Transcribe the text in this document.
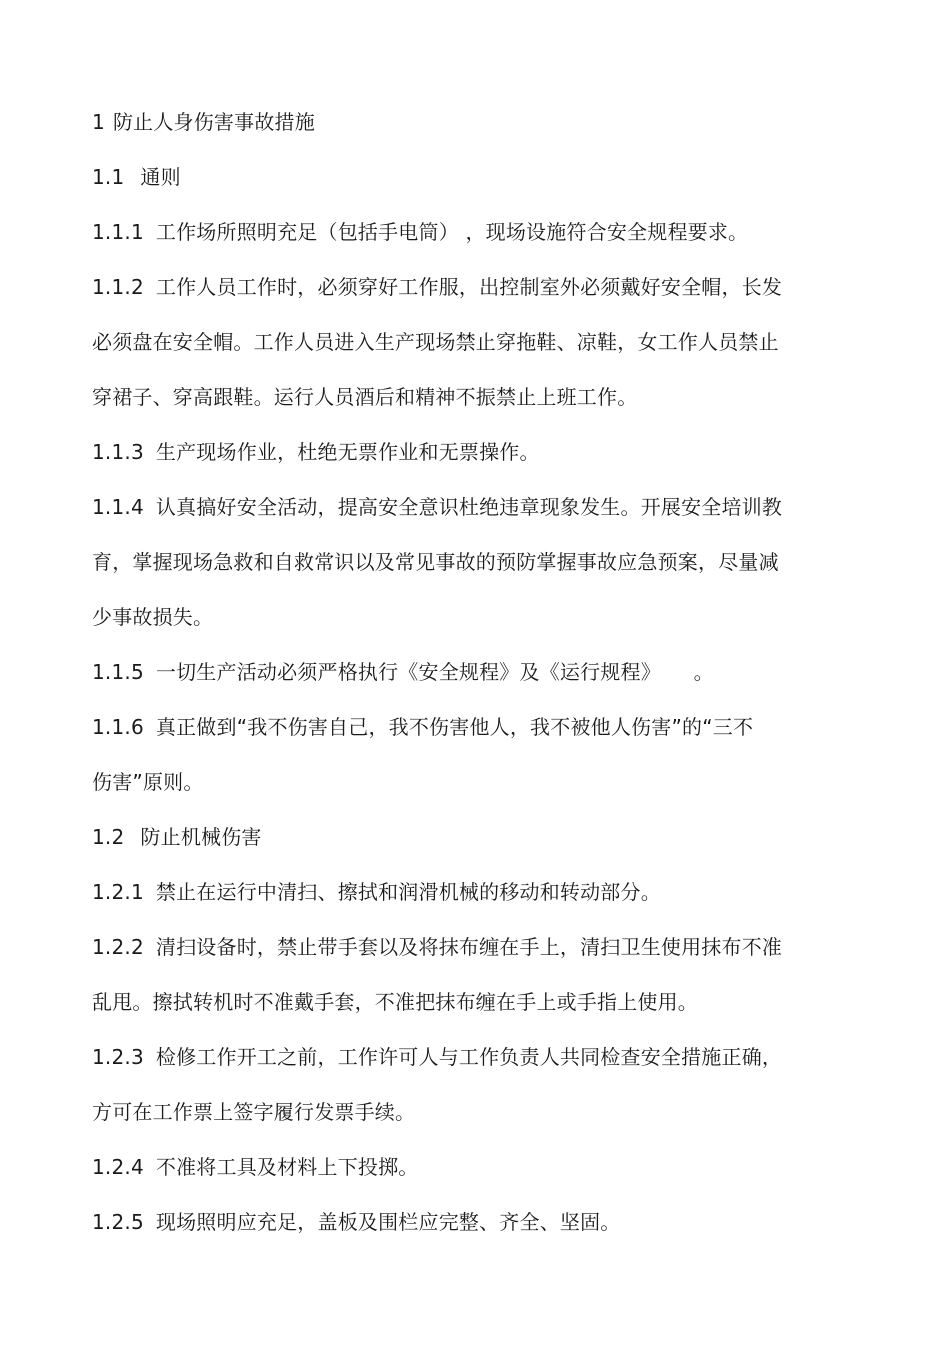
1 防止人身伤害事故措施
1.1 通则
1.1.1 工作场所照明充足（包括手电筒） ，现场设施符合安全规程要求。
1.1.2 工作人员工作时，必须穿好工作服，出控制室外必须戴好安全帽，长发
必须盘在安全帽。工作人员进入生产现场禁止穿拖鞋、凉鞋，女工作人员禁止
穿裙子、穿高跟鞋。运行人员酒后和精神不振禁止上班工作。
1.1.3 生产现场作业，杜绝无票作业和无票操作。
1.1.4 认真搞好安全活动，提高安全意识杜绝违章现象发生。开展安全培训教
育，掌握现场急救和自救常识以及常见事故的预防掌握事故应急预案，尽量减
少事故损失。
1.1.5 一切生产活动必须严格执行《安全规程》及《运行规程》     。
1.1.6 真正做到“我不伤害自己，我不伤害他人，我不被他人伤害”的“三不
伤害”原则。
1.2 防止机械伤害
1.2.1 禁止在运行中清扫、擦拭和润滑机械的移动和转动部分。
1.2.2 清扫设备时，禁止带手套以及将抹布缠在手上，清扫卫生使用抹布不准
乱甩。擦拭转机时不准戴手套，不准把抹布缠在手上或手指上使用。
1.2.3 检修工作开工之前，工作许可人与工作负责人共同检查安全措施正确，
方可在工作票上签字履行发票手续。
1.2.4 不准将工具及材料上下投掷。
1.2.5 现场照明应充足，盖板及围栏应完整、齐全、坚固。
